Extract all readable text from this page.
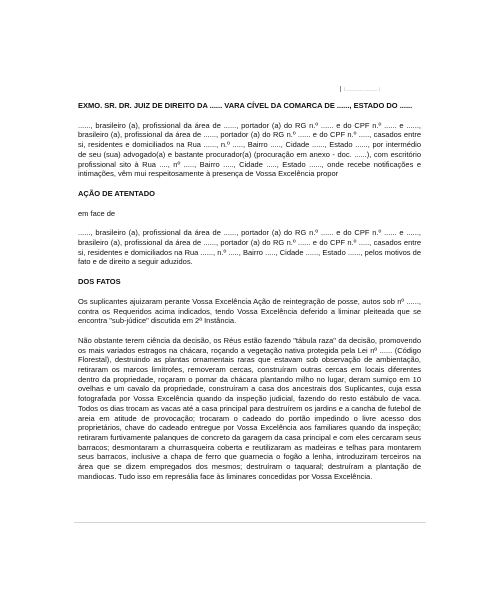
[ ________ ______ ]

EXMO. SR. DR. JUIZ DE DIREITO DA ...... VARA CÍVEL DA COMARCA DE ......, ESTADO DO ......

......, brasileiro (a), profissional da área de ......, portador (a) do RG n.º ...... e do CPF n.º ...... e ......, brasileiro (a), profissional da área de ......, portador (a) do RG n.º ...... e do CPF n.º ....., casados entre si, residentes e domiciliados na Rua ......, n.º ....., Bairro ....., Cidade ......, Estado ......, por intermédio de seu (sua) advogado(a) e bastante procurador(a) (procuração em anexo - doc. ......), com escritório profissional sito à Rua ...., nº ....., Bairro ....., Cidade ....., Estado ......, onde recebe notificações e intimações, vêm mui respeitosamente à presença de Vossa Excelência propor

AÇÃO DE ATENTADO

em face de

......, brasileiro (a), profissional da área de ......, portador (a) do RG n.º ...... e do CPF n.º ...... e ......, brasileiro (a), profissional da área de ......, portador (a) do RG n.º ...... e do CPF n.º ....., casados entre si, residentes e domiciliados na Rua ......, n.º ....., Bairro ....., Cidade ......, Estado ......, pelos motivos de fato e de direito a seguir aduzidos.

DOS FATOS

Os suplicantes ajuizaram perante Vossa Excelência Ação de reintegração de posse, autos sob nº ......, contra os Requeridos acima indicados, tendo Vossa Excelência deferido a liminar pleiteada que se encontra "sub-júdice" discutida em 2ª Instância.

Não obstante terem ciência da decisão, os Réus estão fazendo "tábula raza" da decisão, promovendo os mais variados estragos na chácara, roçando a vegetação nativa protegida pela Lei nº ...... (Código Florestal), destruindo as plantas ornamentais raras que estavam sob observação de ambientação, retiraram os marcos limítrofes, removeram cercas, construíram outras cercas em locais diferentes dentro da propriedade, roçaram o pomar da chácara plantando milho no lugar, deram sumiço em 10 ovelhas e um cavalo da propriedade, construíram a casa dos ancestrais dos Suplicantes, cuja essa fotografada por Vossa Excelência quando da inspeção judicial, fazendo do resto estábulo de vaca. Todos os dias trocam as vacas até a casa principal para destruírem os jardins e a cancha de futebol de areia em atitude de provocação; trocaram o cadeado do portão impedindo o livre acesso dos proprietários, chave do cadeado entregue por Vossa Excelência aos familiares quando da inspeção; retiraram furtivamente palanques de concreto da garagem da casa principal e com eles cercaram seus barracos; desmontaram a churrasqueira coberta e reutilizaram as madeiras e telhas para montarem seus barracos, inclusive a chapa de ferro que guarnecia o fogão a lenha, introduziram terceiros na área que se dizem empregados dos mesmos; destruíram o taquaral; destruíram a plantação de mandiocas. Tudo isso em represália face às liminares concedidas por Vossa Excelência.
